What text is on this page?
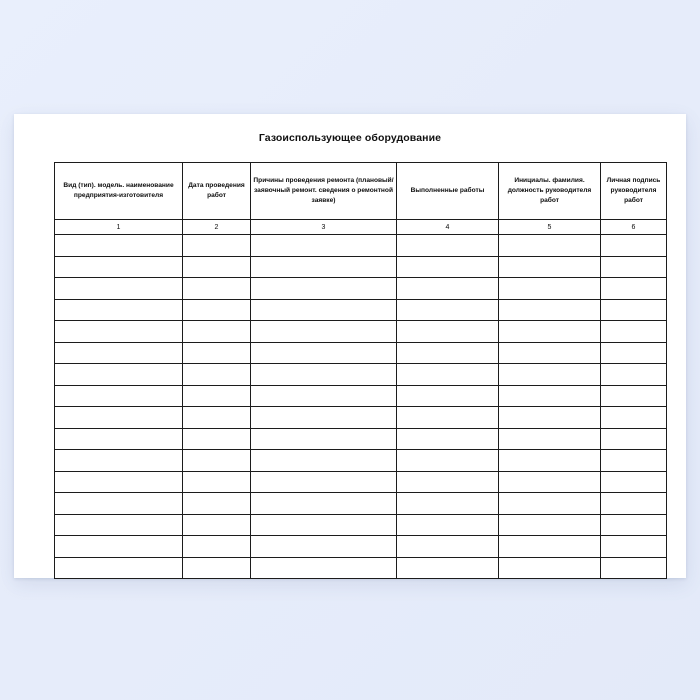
Газоиспользующее оборудование
Вид (тип). модель. наименование предприятия-изготовителя	Дата проведения работ	Причины проведения ремонта (плановый/заявочный ремонт. сведения о ремонтной заявке)	Выполненные работы	Инициалы. фамилия. должность руководителя работ	Личная подпись руководителя работ
1	2	3	4	5	6
